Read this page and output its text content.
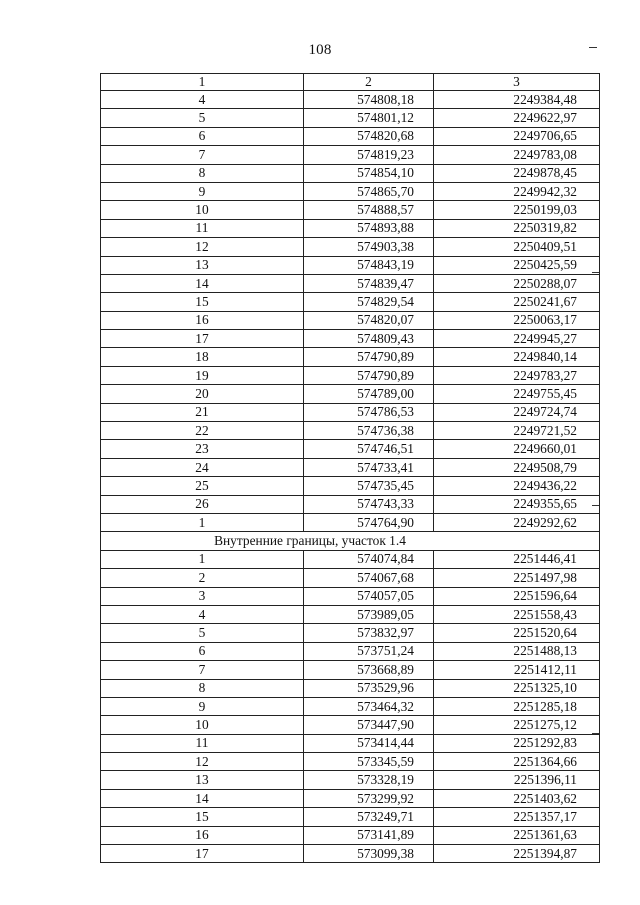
108
1	2	3
4	574808,18	2249384,48
5	574801,12	2249622,97
6	574820,68	2249706,65
7	574819,23	2249783,08
8	574854,10	2249878,45
9	574865,70	2249942,32
10	574888,57	2250199,03
11	574893,88	2250319,82
12	574903,38	2250409,51
13	574843,19	2250425,59
14	574839,47	2250288,07
15	574829,54	2250241,67
16	574820,07	2250063,17
17	574809,43	2249945,27
18	574790,89	2249840,14
19	574790,89	2249783,27
20	574789,00	2249755,45
21	574786,53	2249724,74
22	574736,38	2249721,52
23	574746,51	2249660,01
24	574733,41	2249508,79
25	574735,45	2249436,22
26	574743,33	2249355,65
1	574764,90	2249292,62
Внутренние границы, участок 1.4		
1	574074,84	2251446,41
2	574067,68	2251497,98
3	574057,05	2251596,64
4	573989,05	2251558,43
5	573832,97	2251520,64
6	573751,24	2251488,13
7	573668,89	2251412,11
8	573529,96	2251325,10
9	573464,32	2251285,18
10	573447,90	2251275,12
11	573414,44	2251292,83
12	573345,59	2251364,66
13	573328,19	2251396,11
14	573299,92	2251403,62
15	573249,71	2251357,17
16	573141,89	2251361,63
17	573099,38	2251394,87
